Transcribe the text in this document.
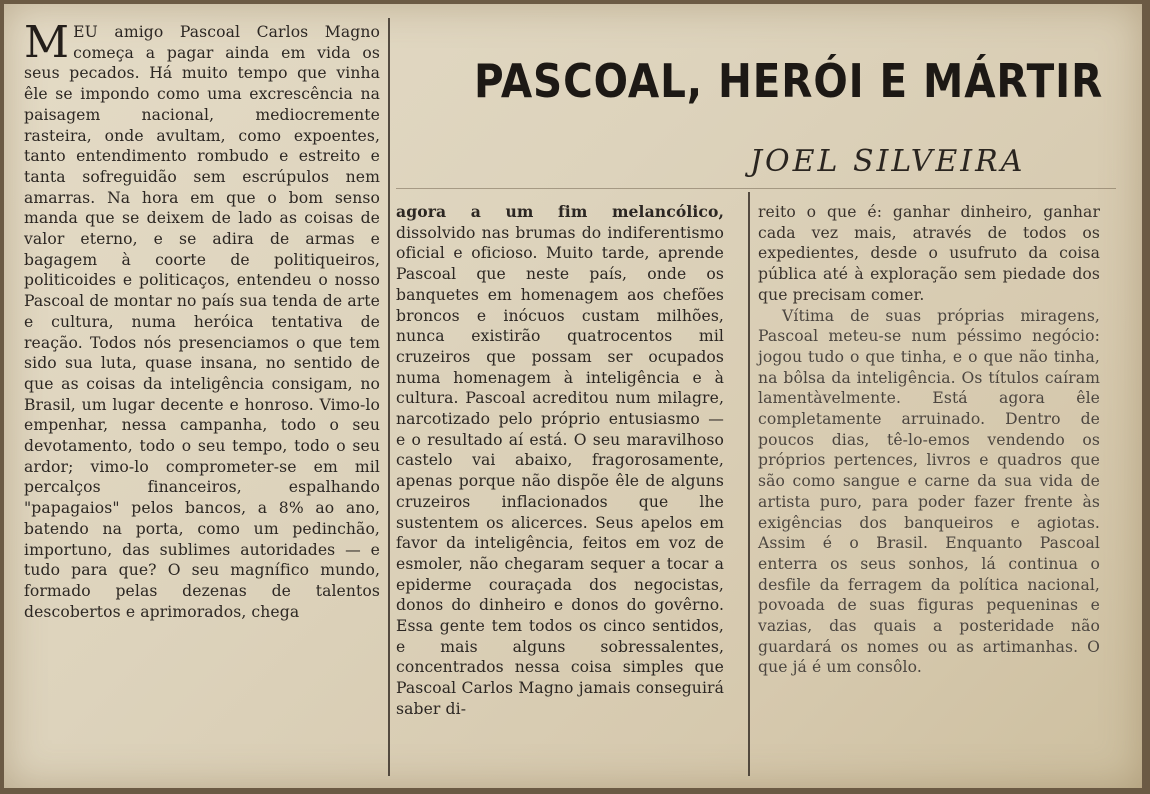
PASCOAL, HERÓI E MÁRTIR
JOEL SILVEIRA

MEU amigo Pascoal Carlos Magno começa a pagar ainda em vida os seus pecados. Há muito tempo que vinha êle se impondo como uma excrescência na paisagem nacional, mediocremente rasteira, onde avultam, como expoentes, tanto entendimento rombudo e estreito e tanta sofreguidão sem escrúpulos nem amarras. Na hora em que o bom senso manda que se deixem de lado as coisas de valor eterno, e se adira de armas e bagagem à coorte de politiqueiros, politicoides e politicaços, entendeu o nosso Pascoal de montar no país sua tenda de arte e cultura, numa heróica tentativa de reação. Todos nós presenciamos o que tem sido sua luta, quase insana, no sentido de que as coisas da inteligência consigam, no Brasil, um lugar decente e honroso. Vimo-lo empenhar, nessa campanha, todo o seu devotamento, todo o seu tempo, todo o seu ardor; vimo-lo comprometer-se em mil percalços financeiros, espalhando "papagaios" pelos bancos, a 8% ao ano, batendo na porta, como um pedinchão, importuno, das sublimes autoridades — e tudo para que? O seu magnífico mundo, formado pelas dezenas de talentos descobertos e aprimorados, chega

agora a um fim melancólico, dissolvido nas brumas do indiferentismo oficial e oficioso. Muito tarde, aprende Pascoal que neste país, onde os banquetes em homenagem aos chefões broncos e inócuos custam milhões, nunca existirão quatrocentos mil cruzeiros que possam ser ocupados numa homenagem à inteligência e à cultura. Pascoal acreditou num milagre, narcotizado pelo próprio entusiasmo — e o resultado aí está. O seu maravilhoso castelo vai abaixo, fragorosamente, apenas porque não dispõe êle de alguns cruzeiros inflacionados que lhe sustentem os alicerces. Seus apelos em favor da inteligência, feitos em voz de esmoler, não chegaram sequer a tocar a epiderme couraçada dos negocistas, donos do dinheiro e donos do govêrno. Essa gente tem todos os cinco sentidos, e mais alguns sobressalentes, concentrados nessa coisa simples que Pascoal Carlos Magno jamais conseguirá saber di-

reito o que é: ganhar dinheiro, ganhar cada vez mais, através de todos os expedientes, desde o usufruto da coisa pública até à exploração sem piedade dos que precisam comer.

Vítima de suas próprias miragens, Pascoal meteu-se num péssimo negócio: jogou tudo o que tinha, e o que não tinha, na bôlsa da inteligência. Os títulos caíram lamentàvelmente. Está agora êle completamente arruinado. Dentro de poucos dias, tê-lo-emos vendendo os próprios pertences, livros e quadros que são como sangue e carne da sua vida de artista puro, para poder fazer frente às exigências dos banqueiros e agiotas. Assim é o Brasil. Enquanto Pascoal enterra os seus sonhos, lá continua o desfile da ferragem da política nacional, povoada de suas figuras pequeninas e vazias, das quais a posteridade não guardará os nomes ou as artimanhas. O que já é um consôlo.
